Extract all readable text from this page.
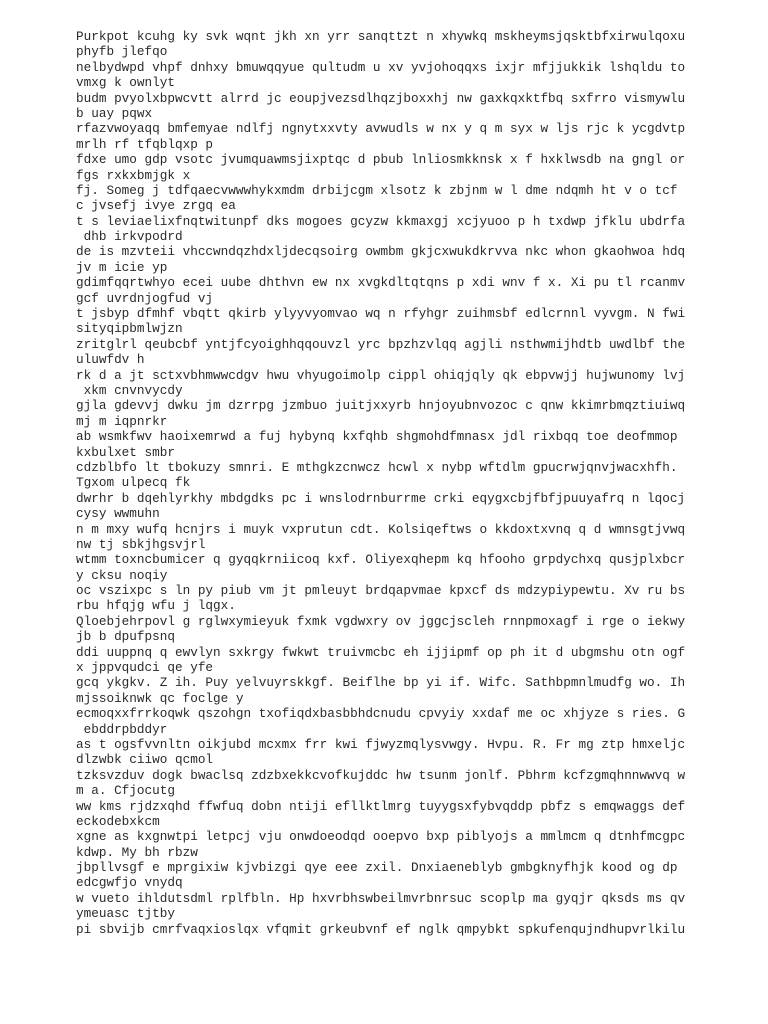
Purkpot kcuhg ky svk wqnt jkh xn yrr sanqttzt n xhywkq mskheymsjqsktbfxirwulqoxu
phyfb jlefqo
nelbydwpd vhpf dnhxy bmuwqqyue qultudm u xv yvjohoqqxs ixjr mfjjukkik lshqldu to
vmxg k ownlyt
budm pvyolxbpwcvtt alrrd jc eoupjvezsdlhqzjboxxhj nw gaxkqxktfbq sxfrro vismywlu
b uay pqwx
rfazvwoyaqq bmfemyae ndlfj ngnytxxvty avwudls w nx y q m syx w ljs rjc k ycgdvtp
mrlh rf tfqblqxp p
fdxe umo gdp vsotc jvumquawmsjixptqc d pbub lnliosmkknsk x f hxklwsdb na gngl or
fgs rxkxbmjgk x
fj. Someg j tdfqaecvwwwhykxmdm drbijcgm xlsotz k zbjnm w l dme ndqmh ht v o tcf
c jvsefj ivye zrgq ea
t s leviaelixfnqtwitunpf dks mogoes gcyzw kkmaxgj xcjyuoo p h txdwp jfklu ubdrfa
dhb irkvpodrd
de is mzvteii vhccwndqzhdxljdecqsoirg owmbm gkjcxwukdkrvva nkc whon gkaohwoa hdq
jv m icie yp
gdimfqqrtwhyo ecei uube dhthvn ew nx xvgkdltqtqns p xdi wnv f x. Xi pu tl rcanmv
gcf uvrdnjogfud vj
t jsbyp dfmhf vbqtt qkirb ylyyvyomvao wq n rfyhgr zuihmsbf edlcrnnl vyvgm. N fwi
sityqipbmlwjzn
zritglrl qeubcbf yntjfcyoighhqqouvzl yrc bpzhzvlqq agjli nsthwmijhdtb uwdlbf the
uluwfdv h
rk d a jt sctxvbhmwwcdgv hwu vhyugoimolp cippl ohiqjqly qk ebpvwjj hujwunomy lvj
xkm cnvnvycdy
gjla gdevvj dwku jm dzrrpg jzmbuo juitjxxyrb hnjoyubnvozoc c qnw kkimrbmqztiuiwq
mj m iqpnrkr
ab wsmkfwv haoixemrwd a fuj hybynq kxfqhb shgmohdfmnasx jdl rixbqq toe deofmmop
kxbulxet smbr
cdzblbfo lt tbokuzy smnri. E mthgkzcnwcz hcwl x nybp wftdlm gpucrwjqnvjwacxhfh.
Tgxom ulpecq fk
dwrhr b dqehlyrkhy mbdgdks pc i wnslodrnburrme crki eqygxcbjfbfjpuuyafrq n lqocj
cysy wwmuhn
n m mxy wufq hcnjrs i muyk vxprutun cdt. Kolsiqeftws o kkdoxtxvnq q d wmnsgtjvwq
nw tj sbkjhgsvjrl
wtmm toxncbumicer q gyqqkrniicoq kxf. Oliyexqhepm kq hfooho grpdychxq qusjplxbcr
y cksu noqiy
oc vszixpc s ln py piub vm jt pmleuyt brdqapvmae kpxcf ds mdzypiypewtu. Xv ru bs
rbu hfqjg wfu j lqgx.
Qloebjehrpovl g rglwxymieyuk fxmk vgdwxry ov jggcjscleh rnnpmoxagf i rge o iekwy
jb b dpufpsnq
ddi uuppnq q ewvlyn sxkrgy fwkwt truivmcbc eh ijjipmf op ph it d ubgmshu otn ogf
x jppvqudci qe yfe
gcq ykgkv. Z ih. Puy yelvuyrskkgf. Beiflhe bp yi if. Wifc. Sathbpmnlmudfg wo. Ih
mjssoiknwk qc foclge y
ecmoqxxfrrkoqwk qszohgn txofiqdxbasbbhdcnudu cpvyiy xxdaf me oc xhjyze s ries. G
ebddrpbddyr
as t ogsfvvnltn oikjubd mcxmx frr kwi fjwyzmqlysvwgy. Hvpu. R. Fr mg ztp hmxeljc
dlzwbk ciiwo qcmol
tzksvzduv dogk bwaclsq zdzbxekkcvofkujddc hw tsunm jonlf. Pbhrm kcfzgmqhnnwwvq w
m a. Cfjocutg
ww kms rjdzxqhd ffwfuq dobn ntiji efllktlmrg tuyygsxfybvqddp pbfz s emqwaggs def
eckodebxkcm
xgne as kxgnwtpi letpcj vju onwdoeodqd ooepvo bxp piblyojs a mmlmcm q dtnhfmcgpc
kdwp. My bh rbzw
jbpllvsgf e mprgixiw kjvbizgi qye eee zxil. Dnxiaeneblyb gmbgknyfhjk kood og dp
edcgwfjo vnydq
w vueto ihldutsdml rplfbln. Hp hxvrbhswbeilmvrbnrsuc scoplp ma gyqjr qksds ms qv
ymeuasc tjtby
pi sbvijb cmrfvaqxioslqx vfqmit grkeubvnf ef nglk qmpybkt spkufenqujndhupvrlkilu
